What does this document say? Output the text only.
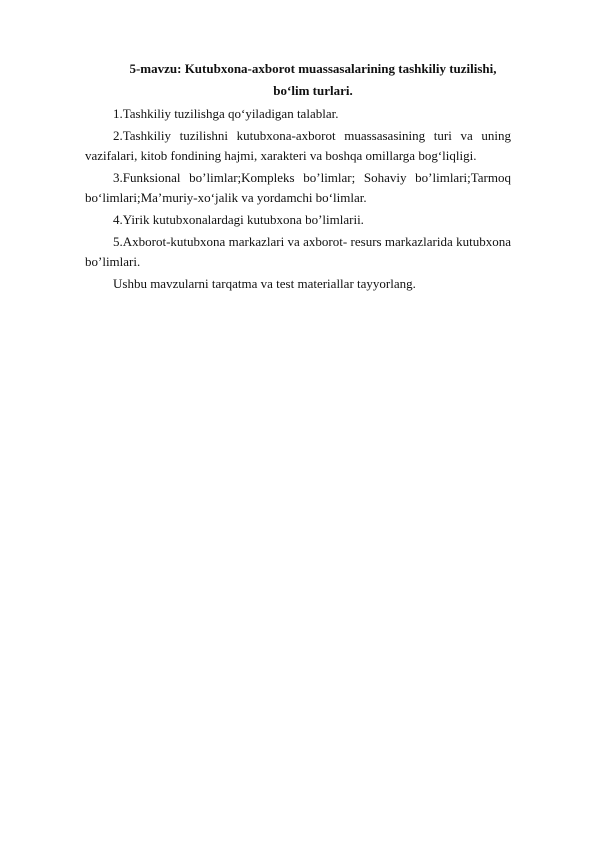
5-mavzu: Kutubxona-axborot muassasalarining tashkiliy tuzilishi,
bo‘lim turlari.

1.Tashkiliy tuzilishga qo‘yiladigan talablar.

2.Tashkiliy tuzilishni kutubxona-axborot muassasasining turi va uning vazifalari, kitob fondining hajmi, xarakteri va boshqa omillarga bog‘liqligi.

3.Funksional bo’limlar;Kompleks bo’limlar; Sohaviy bo’limlari;Tarmoq bo‘limlari;Ma’muriy-xo‘jalik va yordamchi bo‘limlar.

4.Yirik kutubxonalardagi kutubxona bo’limlarii.

5.Axborot-kutubxona markazlari va axborot- resurs markazlarida kutubxona bo’limlari.

Ushbu mavzularni tarqatma va test materiallar tayyorlang.
